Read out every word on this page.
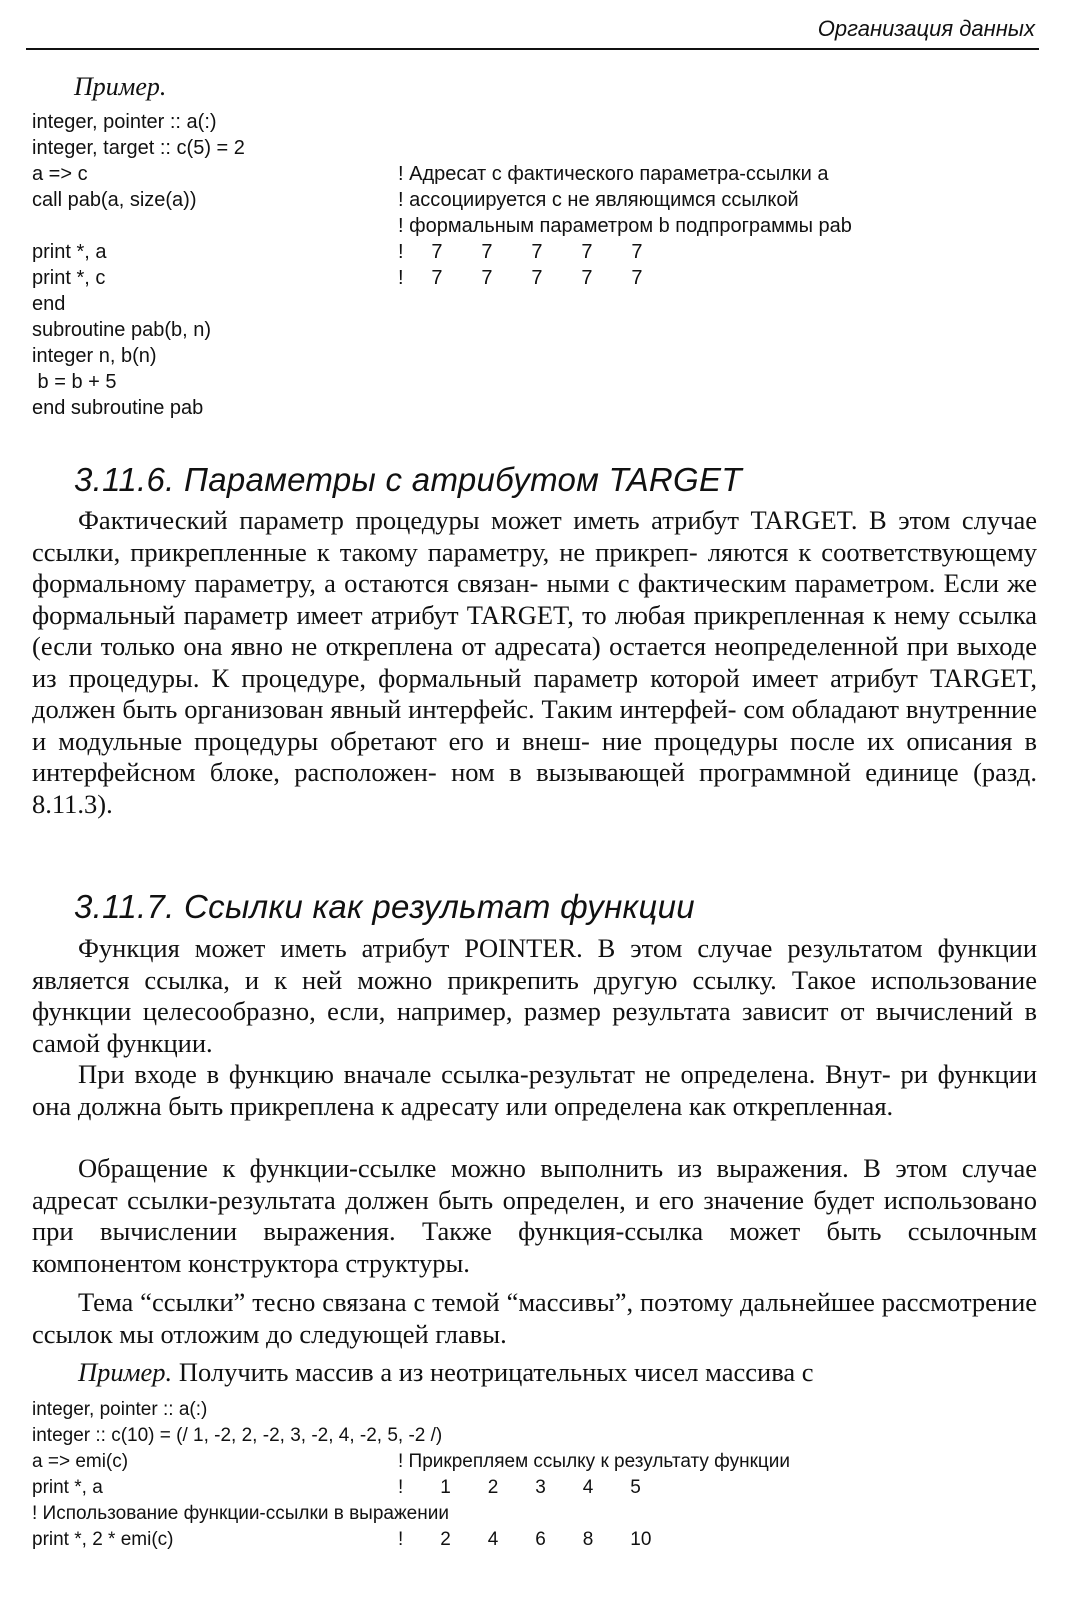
Организация данных
Пример.
integer, pointer :: a(:)
integer, target :: c(5) = 2
a => c
call pab(a, size(a))
print *, a
print *, c
end
subroutine pab(b, n)
integer n, b(n)
b = b + 5
end subroutine pab
! Адресат с фактического параметра-ссылки a
! ассоциируется с не являющимся ссылкой
! формальным параметром b подпрограммы pab
!     7       7       7       7       7
!     7       7       7       7       7
3.11.6. Параметры с атрибутом TARGET

Фактический параметр процедуры может иметь атрибут TARGET. В этом случае ссылки, прикрепленные к такому параметру, не прикреп- ляются к соответствующему формальному параметру, а остаются связан- ными с фактическим параметром. Если же формальный параметр имеет атрибут TARGET, то любая прикрепленная к нему ссылка (если только она явно не откреплена от адресата) остается неопределенной при выходе из процедуры. К процедуре, формальный параметр которой имеет атрибут TARGET, должен быть организован явный интерфейс. Таким интерфей- сом обладают внутренние и модульные процедуры обретают его и внеш- ние процедуры после их описания в интерфейсном блоке, расположен- ном в вызывающей программной единице (разд. 8.11.3).

3.11.7. Ссылки как результат функции

Функция может иметь атрибут POINTER. В этом случае результатом функции является ссылка, и к ней можно прикрепить другую ссылку. Такое использование функции целесообразно, если, например, размер результата зависит от вычислений в самой функции.

При входе в функцию вначале ссылка-результат не определена. Внут- ри функции она должна быть прикреплена к адресату или определена как открепленная.

Обращение к функции-ссылке можно выполнить из выражения. В этом случае адресат ссылки-результата должен быть определен, и его значение будет использовано при вычислении выражения. Также функция-ссылка может быть ссылочным компонентом конструктора структуры.

Тема “ссылки” тесно связана с темой “массивы”, поэтому дальнейшее рассмотрение ссылок мы отложим до следующей главы.

Пример. Получить массив a из неотрицательных чисел массива c
integer, pointer :: a(:)
integer :: c(10) = (/ 1, -2, 2, -2, 3, -2, 4, -2, 5, -2 /)
a => emi(c)
print *, a
! Использование функции-ссылки в выражении
print *, 2 * emi(c)
! Прикрепляем ссылку к результату функции
!       1       2       3       4       5
!       2       4       6       8       10
